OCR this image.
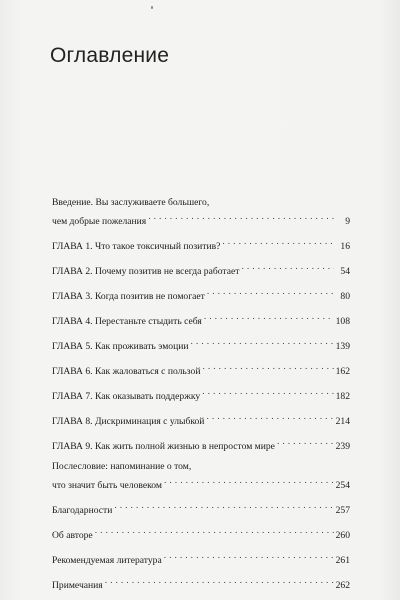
Оглавление
Введение. Вы заслуживаете большего,
чем добрые пожелания . . .	9
ГЛАВА 1. Что такое токсичный позитив? . . .	16
ГЛАВА 2. Почему позитив не всегда работает . . .	54
ГЛАВА 3. Когда позитив не помогает . . .	80
ГЛАВА 4. Перестаньте стыдить себя . . .	108
ГЛАВА 5. Как проживать эмоции . . .	139
ГЛАВА 6. Как жаловаться с пользой . . .	162
ГЛАВА 7. Как оказывать поддержку . . .	182
ГЛАВА 8. Дискриминация с улыбкой . . .	214
ГЛАВА 9. Как жить полной жизнью в непростом мире . . .	239
Послесловие: напоминание о том,
что значит быть человеком . . .	254
Благодарности . . .	257
Об авторе . . .	260
Рекомендуемая литература . . .	261
Примечания . . .	262
